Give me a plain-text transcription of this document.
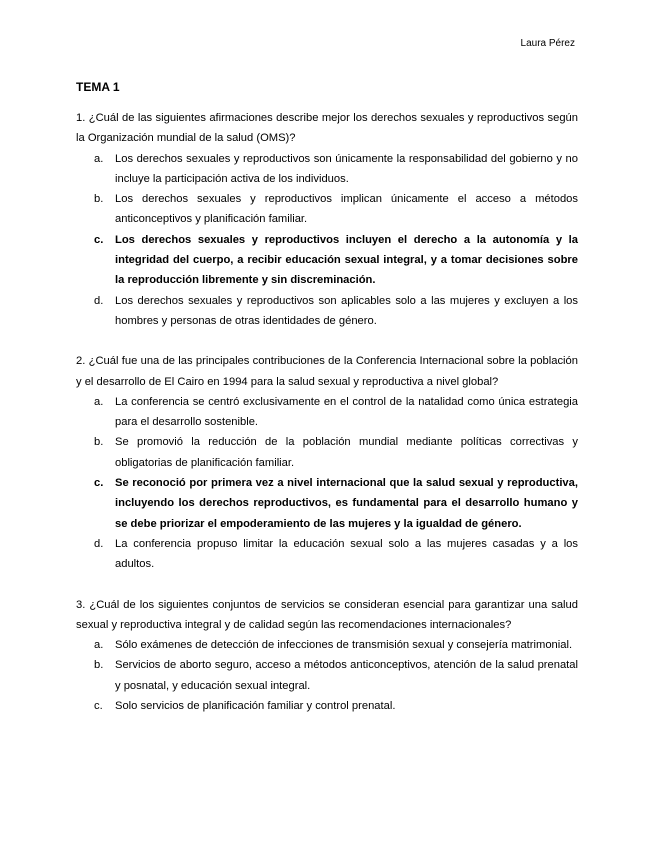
Laura Pérez
TEMA 1

1. ¿Cuál de las siguientes afirmaciones describe mejor los derechos sexuales y reproductivos según la Organización mundial de la salud (OMS)?

a. Los derechos sexuales y reproductivos son únicamente la responsabilidad del gobierno y no incluye la participación activa de los individuos.
b. Los derechos sexuales y reproductivos implican únicamente el acceso a métodos anticonceptivos y planificación familiar.
c. Los derechos sexuales y reproductivos incluyen el derecho a la autonomía y la integridad del cuerpo, a recibir educación sexual integral, y a tomar decisiones sobre la reproducción libremente y sin discreminación.
d. Los derechos sexuales y reproductivos son aplicables solo a las mujeres y excluyen a los hombres y personas de otras identidades de género.

2. ¿Cuál fue una de las principales contribuciones de la Conferencia Internacional sobre la población y el desarrollo de El Cairo en 1994 para la salud sexual y reproductiva a nivel global?

a. La conferencia se centró exclusivamente en el control de la natalidad como única estrategia para el desarrollo sostenible.
b. Se promovió la reducción de la población mundial mediante políticas correctivas y obligatorias de planificación familiar.
c. Se reconoció por primera vez a nivel internacional que la salud sexual y reproductiva, incluyendo los derechos reproductivos, es fundamental para el desarrollo humano y se debe priorizar el empoderamiento de las mujeres y la igualdad de género.
d. La conferencia propuso limitar la educación sexual solo a las mujeres casadas y a los adultos.

3. ¿Cuál de los siguientes conjuntos de servicios se consideran esencial para garantizar una salud sexual y reproductiva integral y de calidad según las recomendaciones internacionales?

a. Sólo exámenes de detección de infecciones de transmisión sexual y consejería matrimonial.
b. Servicios de aborto seguro, acceso a métodos anticonceptivos, atención de la salud prenatal y posnatal, y educación sexual integral.
c. Solo servicios de planificación familiar y control prenatal.
